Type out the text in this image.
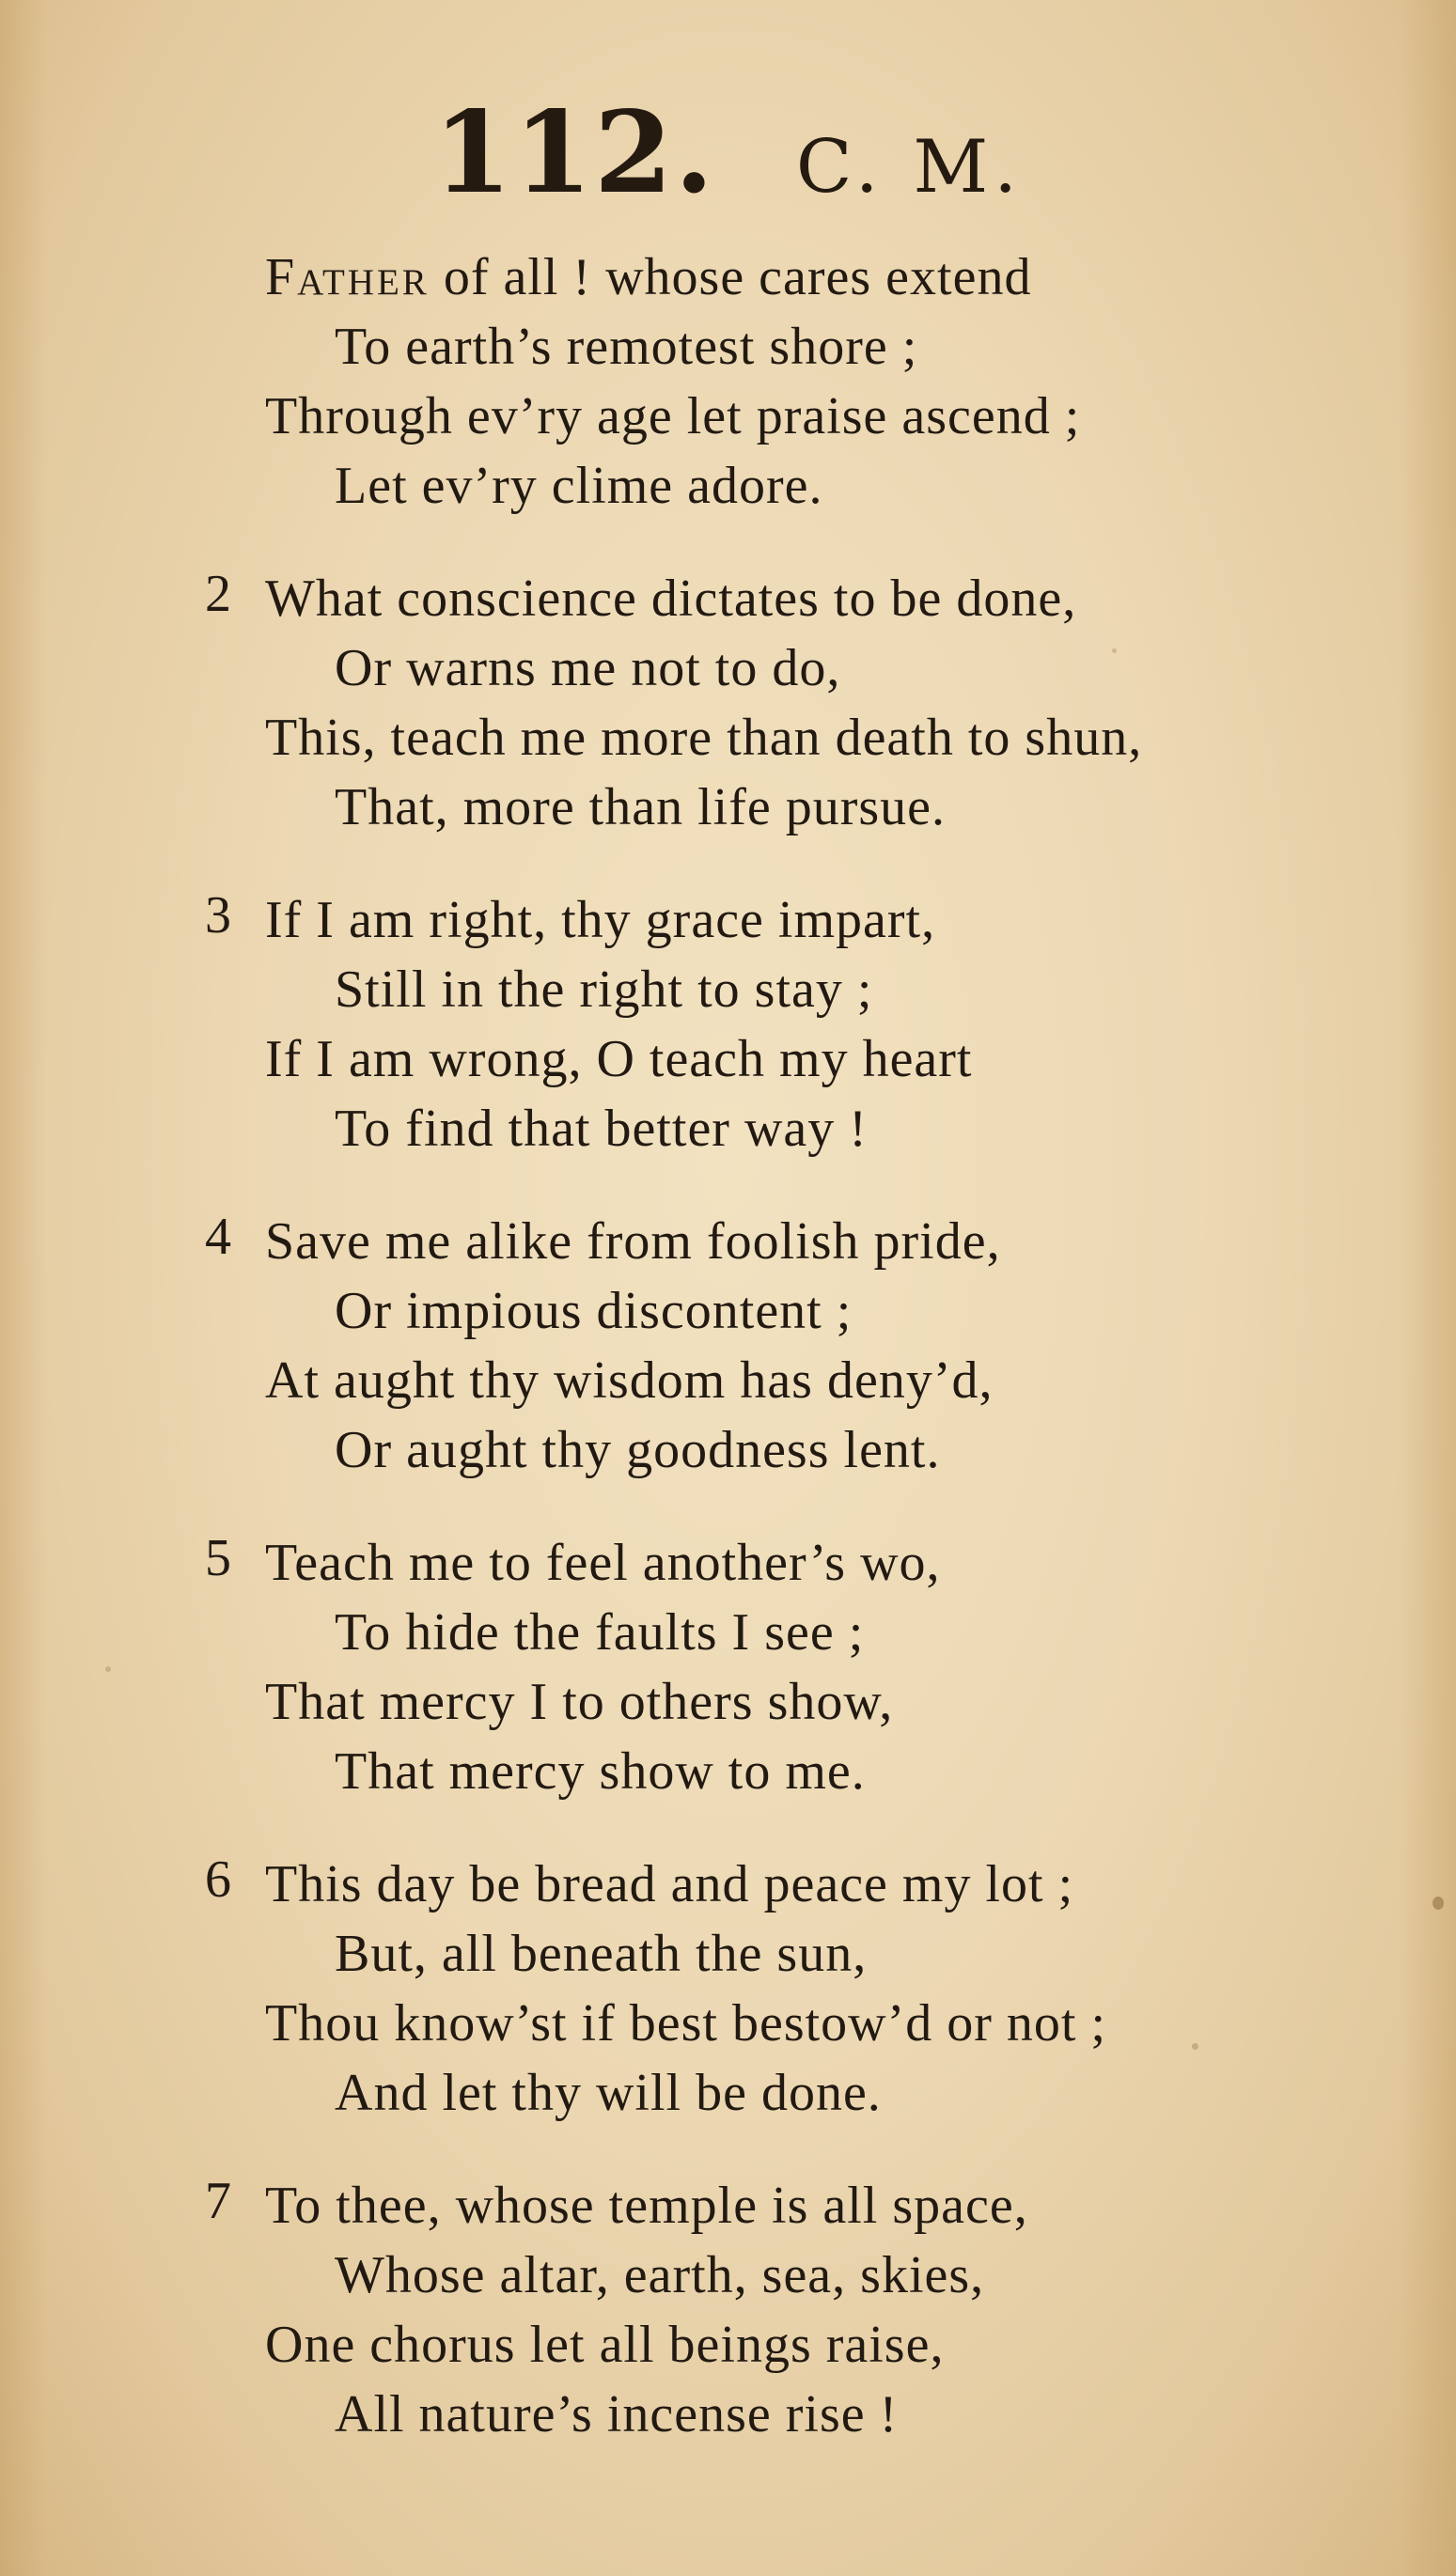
112. C. M.
Father of all ! whose cares extend
To earth’s remotest shore ;
Through ev’ry age let praise ascend ;
Let ev’ry clime adore.
2 What conscience dictates to be done,
Or warns me not to do,
This, teach me more than death to shun,
That, more than life pursue.
3 If I am right, thy grace impart,
Still in the right to stay ;
If I am wrong, O teach my heart
To find that better way !
4 Save me alike from foolish pride,
Or impious discontent ;
At aught thy wisdom has deny’d,
Or aught thy goodness lent.
5 Teach me to feel another’s wo,
To hide the faults I see ;
That mercy I to others show,
That mercy show to me.
6 This day be bread and peace my lot ;
But, all beneath the sun,
Thou know’st if best bestow’d or not ;
And let thy will be done.
7 To thee, whose temple is all space,
Whose altar, earth, sea, skies,
One chorus let all beings raise,
All nature’s incense rise !
